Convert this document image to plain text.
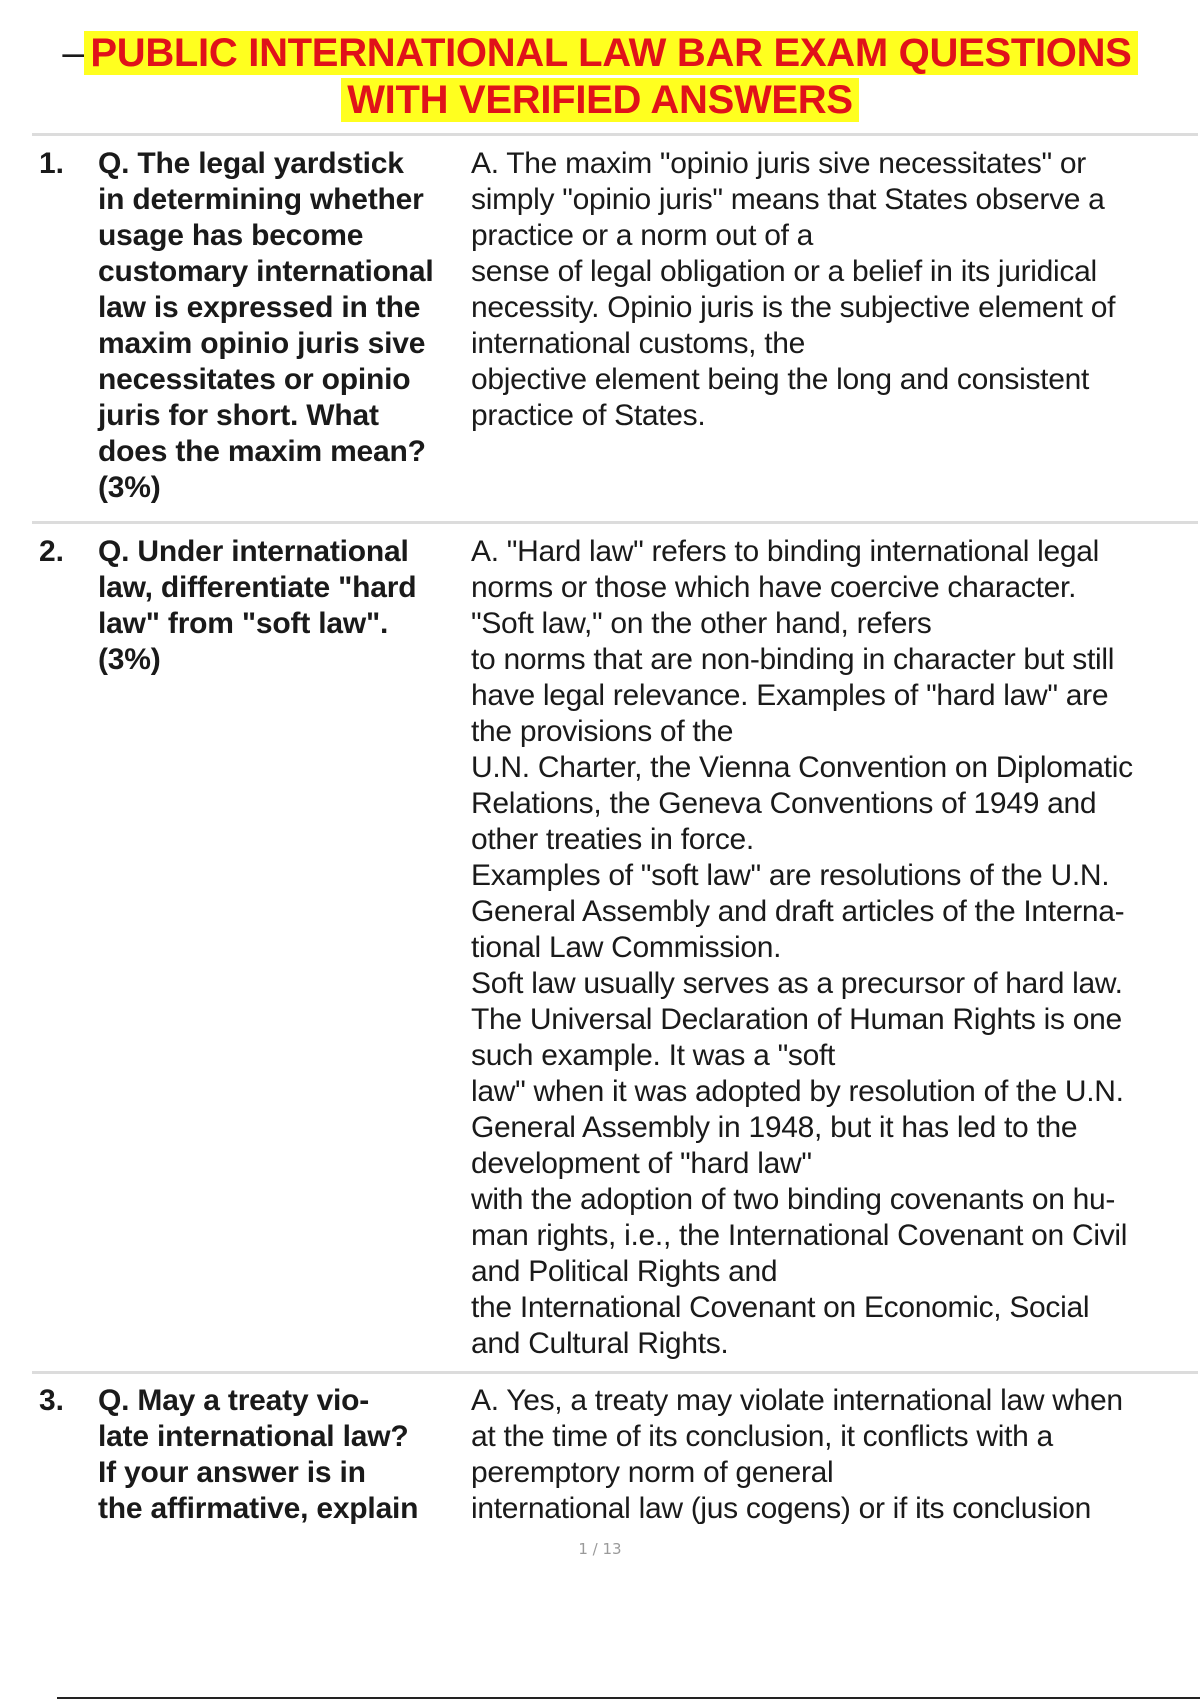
– PUBLIC INTERNATIONAL LAW BAR EXAM QUESTIONS
WITH VERIFIED ANSWERS
1.	Q. The legal yardstick
in determining whether
usage has become
customary international
law is expressed in the
maxim opinio juris sive
necessitates or opinio
juris for short. What
does the maxim mean?
(3%)
A. The maxim "opinio juris sive necessitates" or
simply "opinio juris" means that States observe a
practice or a norm out of a
sense of legal obligation or a belief in its juridical
necessity. Opinio juris is the subjective element of
international customs, the
objective element being the long and consistent
practice of States.
2.	Q. Under international
law, differentiate "hard
law" from "soft law".
(3%)
A. "Hard law" refers to binding international legal
norms or those which have coercive character.
"Soft law," on the other hand, refers
to norms that are non-binding in character but still
have legal relevance. Examples of "hard law" are
the provisions of the
U.N. Charter, the Vienna Convention on Diplomatic
Relations, the Geneva Conventions of 1949 and
other treaties in force.
Examples of "soft law" are resolutions of the U.N.
General Assembly and draft articles of the Interna-
tional Law Commission.
Soft law usually serves as a precursor of hard law.
The Universal Declaration of Human Rights is one
such example. It was a "soft
law" when it was adopted by resolution of the U.N.
General Assembly in 1948, but it has led to the
development of "hard law"
with the adoption of two binding covenants on hu-
man rights, i.e., the International Covenant on Civil
and Political Rights and
the International Covenant on Economic, Social
and Cultural Rights.
3.	Q. May a treaty vio-
late international law?
If your answer is in
the affirmative, explain
A. Yes, a treaty may violate international law when
at the time of its conclusion, it conflicts with a
peremptory norm of general
international law (jus cogens) or if its conclusion
1 / 13
